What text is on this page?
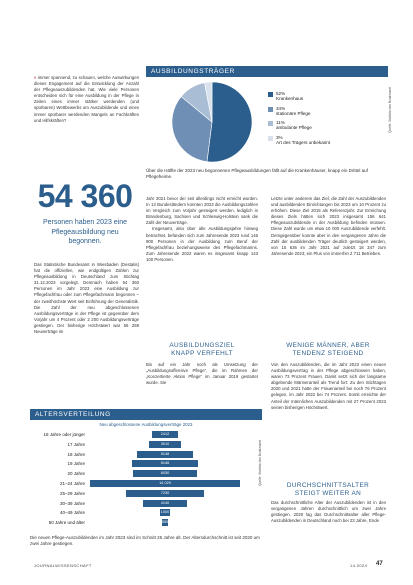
» immer spannend, zu schauen, welche Auswirkungen dieses Engagement auf die Entwicklung der Anzahl der Pflegeauszubildenden hat. Wie viele Personen entscheiden sich für eine Ausbildung in der Pflege in Zeiten eines immer stärker werdenden (und spürbaren) Wettbewerbs um Auszubildende und eines immer spürbarer werdenden Mangels an Fachkräften und Hilfskräften?

54 360
Personen haben 2023 eine Pflegeausbildung neu begonnen.

Das Statistische Bundesamt in Wiesbaden (Destatis) hat die offiziellen, wie endgültigen Zahlen zur Pflegeausbildung in Deutschland zum Stichtag 31.12.2023 vorgelegt. Demnach haben 54 360 Personen im Jahr 2023 eine Ausbildung zur Pflegefachfrau oder zum Pflegefachmann begonnen – der zweithöchste Wert seit Einführung der Generalistik. Die Zahl der neu abgeschlossenen Ausbildungsverträge in der Pflege ist gegenüber dem Vorjahr um 4 Prozent oder 2 200 Ausbildungsverträge gestiegen. Der bisherige Höchstwert war 56 259 Neuverträge im

AUSBILDUNGSTRÄGER
52%
Krankenhaus
34%
stationäre Pflege
11%
ambulante Pflege
3%
Art des Trägers unbekannt
Quelle: Statistisches Bundesamt
Über die Hälfte der 2023 neu begonnenen Pflegeausbildungen fällt auf die Krankenhäuser, knapp ein Drittel auf Pflegeheime.

Jahr 2021 bevor der seit allerdings nicht erreicht worden. In 13 Bundesländern konnten 2023 die Ausbildungszahlen im Vergleich zum Vorjahr gesteigert werden, lediglich in Brandenburg, Sachsen und Schleswig-Holstein sank die Zahl der Neuverträge.

Insgesamt, also über alle Ausbildungsjahre hinweg betrachtet, befanden sich zum Jahresende 2023 rund 146 900 Personen in der Ausbildung zum Beruf der Pflegefachfrau beziehungsweise des Pflegefachmanns. Zum Jahresende 2022 waren es insgesamt knapp 143 100 Personen.

AUSBILDUNGSZIEL KNAPP VERFEHLT
Bis auf ein Jahr noch als Umsetzung der „Ausbildungsoffensive Pflege“, die im Rahmen der „Konzertierte Aktion Pflege“ im Januar 2019 gestartet wurde. Sie
Letzte unter anderem das Ziel, die Zahl der Auszubildenden und ausbildenden Einrichtungen bis 2023 um 10 Prozent zu erhöhen. Diese Ziel 2015 als Referenzjahr. Zur Erreichung dieses Ziels hätten sich 2023 insgesamt 156 641 Pflegeauszubildende in der Ausbildung befinden müssen. Diese Zahl wurde um etwa 10 000 Auszubildende verfehlt. Demgegenüber konnte aber in den vergangenen Jahre die Zahl der ausbildenden Träger deutlich gesteigert werden, von 15 636 im Jahr 2021 auf zuletzt 18 347 zum Jahresende 2023; ein Plus von immerhin 2 711 Betrieben.
WENIGE MÄNNER, ABER TENDENZ STEIGEND
Von den Auszubildenden, die im Jahr 2023 einen neuen Ausbildungsvertrag in der Pflege abgeschlossen haben, waren 73 Prozent Frauen. Damit setzt sich der langsame abgebende Männeranteil als Trend fort: Zu den Stichtagen 2020 und 2021 hatte der Frauenanteil bei noch 76 Prozent gelegen, im Jahr 2022 bei 74 Prozent. Somit erreichte der Anteil der männlichen Auszubildenden mit 27 Prozent 2023 seinen bisherigen Höchstwert.
DURCHSCHNITTSALTER STEIGT WEITER AN
Das durchschnittliche Alter der Auszubildenden ist in den vergangenen Jahren durchschnittlich um zwei Jahre gestiegen. 2020 lag das Durchschnittsalter aller Pflege-Auszubildenden in Deutschland noch bei 23 Jahre, Ende
ALTERSVERTEILUNG
Neu abgeschlossene Ausbildungsverträge 2023
18 Jahre oder jünger	2412
17 Jahre	3010
18 Jahre	5148
19 Jahre	6146
20 Jahre	6030
21–24 Jahre	14 029
25–29 Jahre	7230
30–39 Jahre	4140
40–49 Jahre	1000
50 Jahre und älter	559
Quelle: Statistisches Bundesamt
Die neuen Pflege-Auszubildenden im Jahr 2023 sind im Schnitt 25 Jahre alt. Der Altersdurchschnitt ist seit 2020 um zwei Jahre gestiegen.
JOURNALWISSENSCHAFT	14.2024 47
